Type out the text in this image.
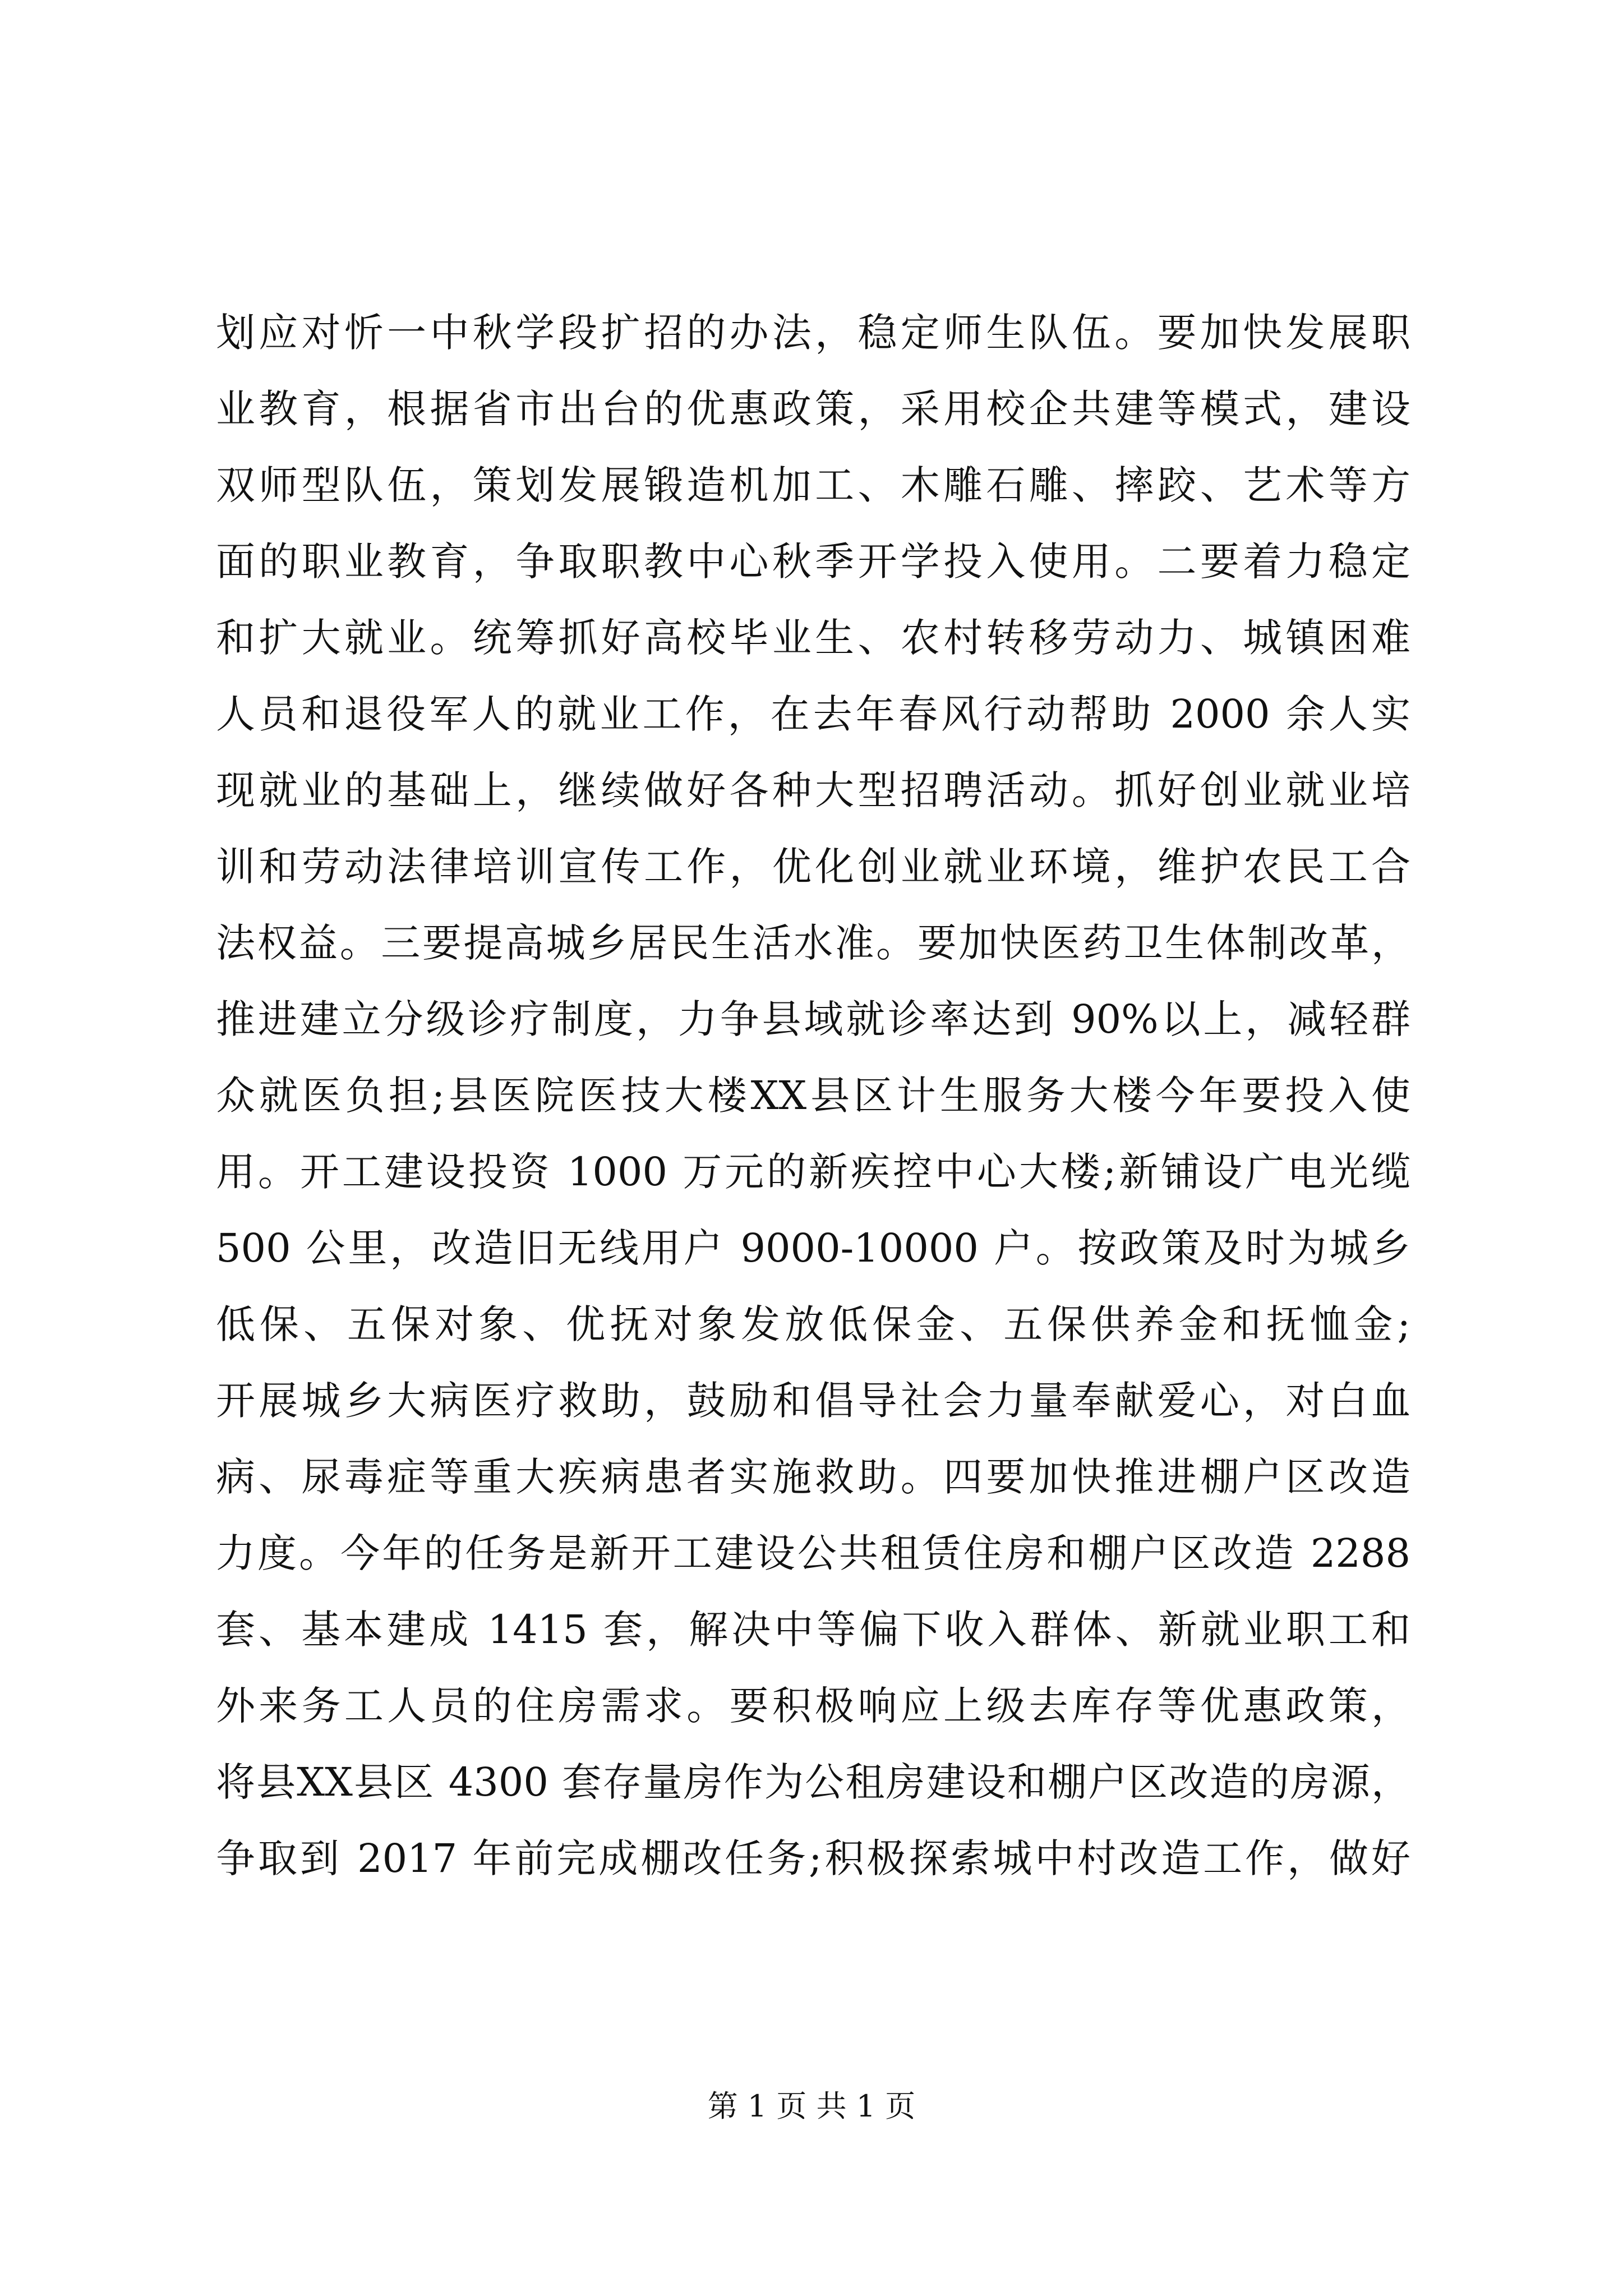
划应对忻一中秋学段扩招的办法，稳定师生队伍。要加快发展职
业教育，根据省市出台的优惠政策，采用校企共建等模式，建设
双师型队伍，策划发展锻造机加工、木雕石雕、摔跤、艺术等方
面的职业教育，争取职教中心秋季开学投入使用。二要着力稳定
和扩大就业。统筹抓好高校毕业生、农村转移劳动力、城镇困难
人员和退役军人的就业工作，在去年春风行动帮助 2000 余人实
现就业的基础上，继续做好各种大型招聘活动。抓好创业就业培
训和劳动法律培训宣传工作，优化创业就业环境，维护农民工合
法权益。三要提高城乡居民生活水准。要加快医药卫生体制改革，
推进建立分级诊疗制度，力争县域就诊率达到 90%以上，减轻群
众就医负担;县医院医技大楼XX县区计生服务大楼今年要投入使
用。开工建设投资 1000 万元的新疾控中心大楼;新铺设广电光缆
500 公里，改造旧无线用户 9000-10000 户。按政策及时为城乡
低保、五保对象、优抚对象发放低保金、五保供养金和抚恤金;
开展城乡大病医疗救助，鼓励和倡导社会力量奉献爱心，对白血
病、尿毒症等重大疾病患者实施救助。四要加快推进棚户区改造
力度。今年的任务是新开工建设公共租赁住房和棚户区改造 2288
套、基本建成 1415 套，解决中等偏下收入群体、新就业职工和
外来务工人员的住房需求。要积极响应上级去库存等优惠政策，
将县XX县区 4300 套存量房作为公租房建设和棚户区改造的房源，
争取到 2017 年前完成棚改任务;积极探索城中村改造工作，做好
第 1 页 共 1 页
